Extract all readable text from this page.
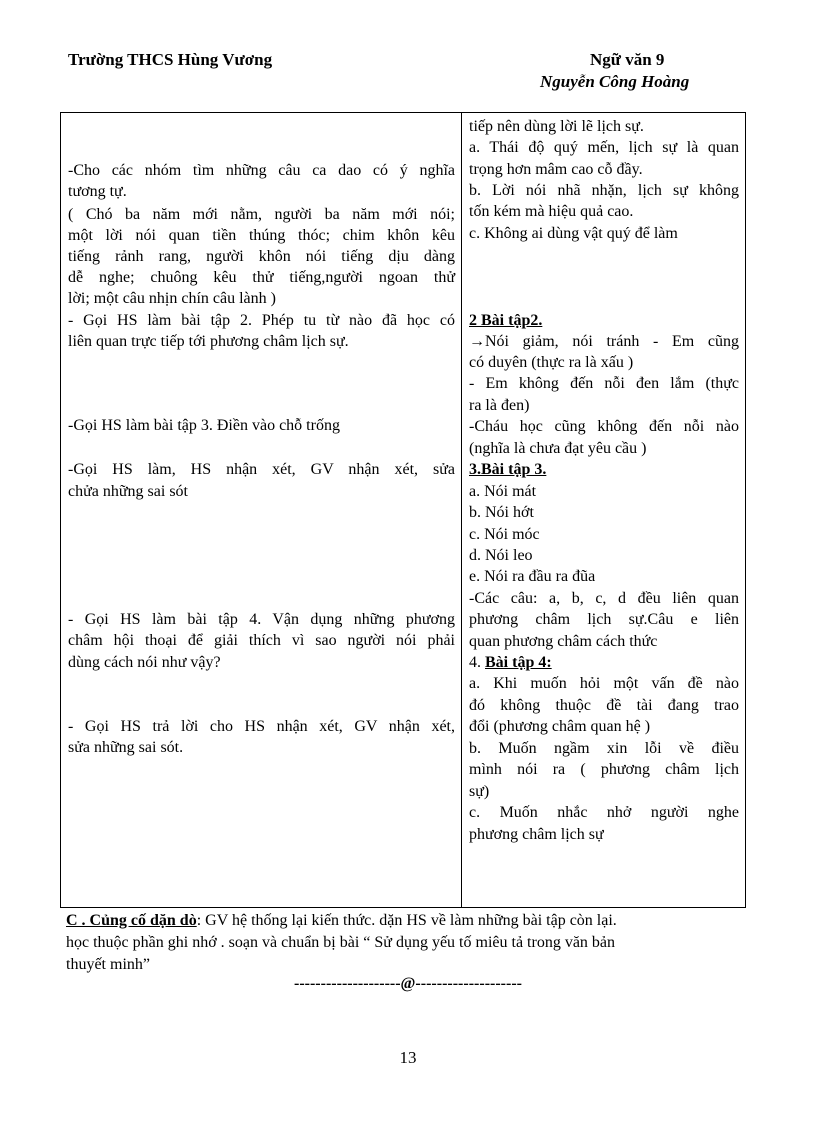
Trường THCS Hùng Vương	Ngữ văn 9
Nguyễn Công Hoàng
-Cho các nhóm tìm những câu ca dao có ý nghĩa
tương tự.
( Chó ba năm mới nằm, người ba năm mới nói;
một lời nói quan tiền thúng thóc; chim khôn kêu
tiếng rảnh rang, người khôn nói tiếng dịu dàng
dễ nghe; chuông kêu thử tiếng,người ngoan thử
lời; một câu nhịn chín câu lành )
- Gọi HS làm bài tập 2. Phép tu từ nào đã học có
liên quan trực tiếp tới phương châm lịch sự.
-Gọi HS làm bài tập 3. Điền vào chỗ trống
-Gọi HS làm, HS nhận xét, GV nhận xét, sửa
chửa những sai sót
- Gọi HS làm bài tập 4. Vận dụng những phương
châm hội thoại để giải thích vì sao người nói phải
dùng cách nói như vậy?
- Gọi HS trả lời cho HS nhận xét, GV nhận xét,
sửa những sai sót.
tiếp nên dùng lời lẽ lịch sự.
a. Thái độ quý mến, lịch sự là quan
trọng hơn mâm cao cỗ đầy.
b. Lời nói nhã nhặn, lịch sự không
tốn kém mà hiệu quả cao.
c. Không ai dùng vật quý để làm
2 Bài tập2.
→Nói giảm, nói tránh - Em cũng
có duyên (thực ra là xấu )
- Em không đến nỗi đen lắm (thực
ra là đen)
-Cháu học cũng không đến nỗi nào
(nghĩa là chưa đạt yêu cầu )
3.Bài tập 3.
a. Nói mát
b. Nói hớt
c. Nói móc
d. Nói leo
e. Nói ra đầu ra đũa
-Các câu: a, b, c, d đều liên quan
phương châm lịch sự.Câu e liên
quan phương châm cách thức
4. Bài tập 4:
a. Khi muốn hỏi một vấn đề nào
đó không thuộc đề tài đang trao
đổi (phương châm quan hệ )
b. Muốn ngầm xin lỗi về điều
mình nói ra ( phương châm lịch
sự)
c. Muốn nhắc nhở người nghe
phương châm lịch sự
C . Củng cố dặn dò: GV hệ thống lại kiến thức. dặn HS về làm những bài tập còn lại.
học thuộc phần ghi nhớ . soạn và chuẩn bị bài “ Sử dụng yếu tố miêu tả trong văn bản
thuyết minh”
--------------------@--------------------
13
